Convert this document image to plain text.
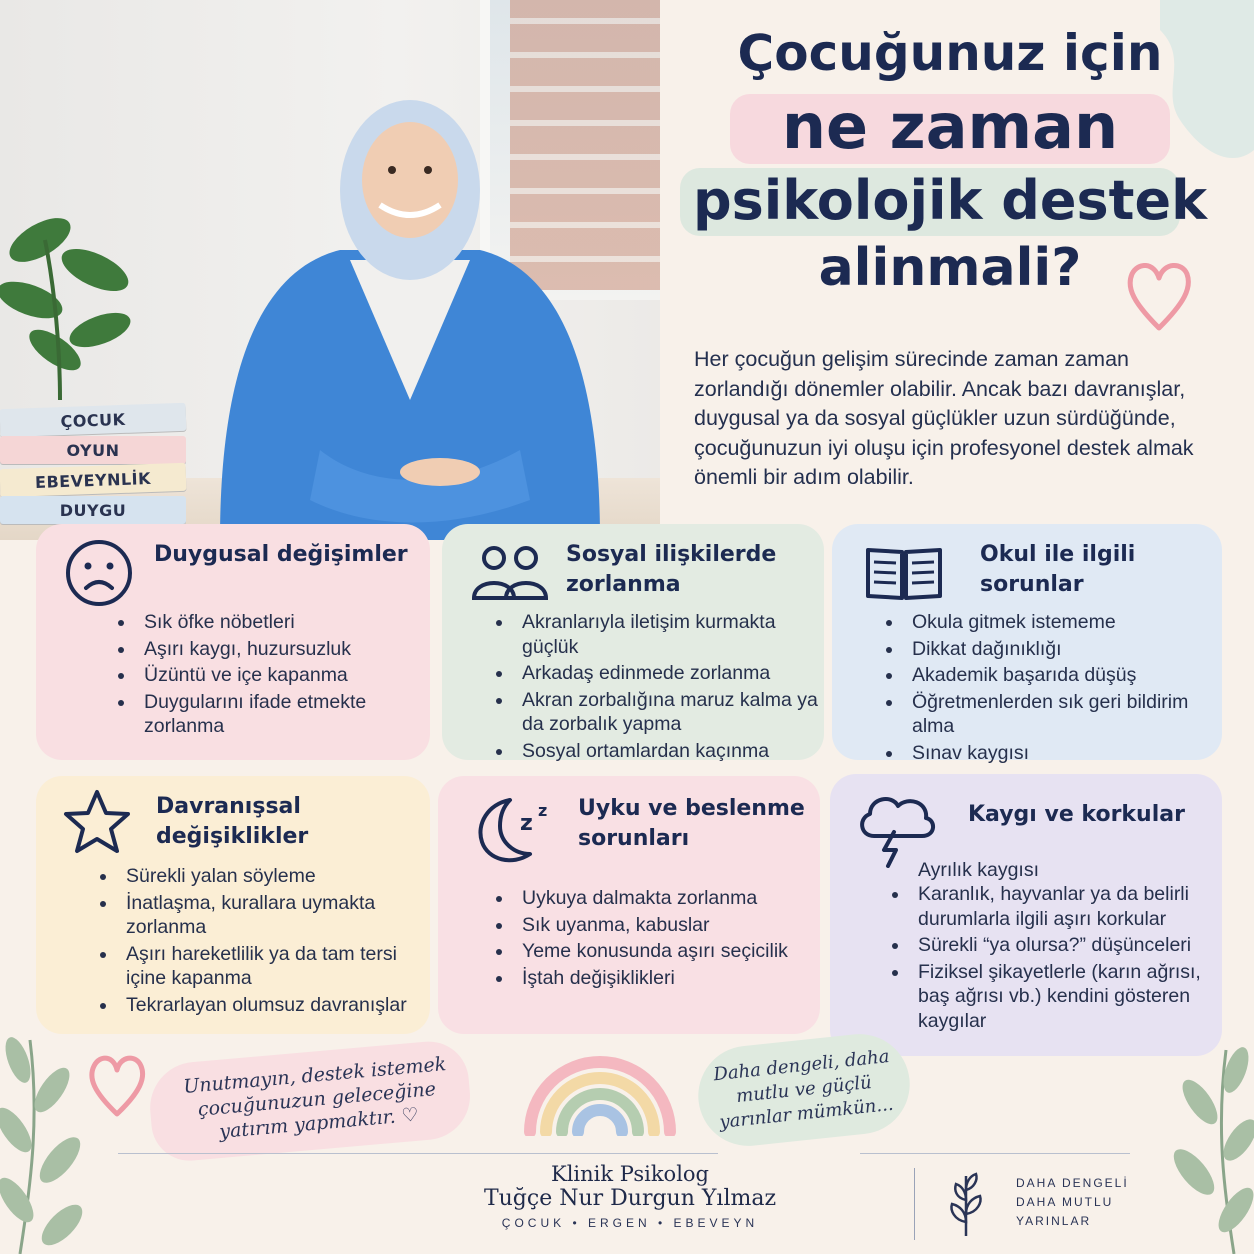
ÇOCUK
OYUN
EBEVEYNLİK
DUYGU
Çocuğunuz için
ne zaman
psikolojik destek
alinmali?
Her çocuğun gelişim sürecinde zaman zaman zorlandığı dönemler olabilir. Ancak bazı davranışlar, duygusal ya da sosyal güçlükler uzun sürdüğünde, çocuğunuzun iyi oluşu için profesyonel destek almak önemli bir adım olabilir.
Duygusal değişimler
• Sık öfke nöbetleri
• Aşırı kaygı, huzursuzluk
• Üzüntü ve içe kapanma
• Duygularını ifade etmekte zorlanma
Sosyal ilişkilerde zorlanma
• Akranlarıyla iletişim kurmakta güçlük
• Arkadaş edinmede zorlanma
• Akran zorbalığına maruz kalma ya da zorbalık yapma
• Sosyal ortamlardan kaçınma
Okul ile ilgili sorunlar
• Okula gitmek istememe
• Dikkat dağınıklığı
• Akademik başarıda düşüş
• Öğretmenlerden sık geri bildirim alma
• Sınav kaygısı
Davranışsal değişiklikler
• Sürekli yalan söyleme
• İnatlaşma, kurallara uymakta zorlanma
• Aşırı hareketlilik ya da tam tersi içine kapanma
• Tekrarlayan olumsuz davranışlar
z
z Uyku ve beslenme sorunları
• Uykuya dalmakta zorlanma
• Sık uyanma, kabuslar
• Yeme konusunda aşırı seçicilik
• İştah değişiklikleri
Kaygı ve korkular
Ayrılık kaygısı
• Karanlık, hayvanlar ya da belirli durumlarla ilgili aşırı korkular
• Sürekli “ya olursa?” düşünceleri
• Fiziksel şikayetlerle (karın ağrısı, baş ağrısı vb.) kendini gösteren kaygılar

Unutmayın, destek istemek çocuğunuzun geleceğine yatırım yapmaktır. ♡

Daha dengeli, daha mutlu ve güçlü yarınlar mümkün...

Klinik Psikolog
Tuğçe Nur Durgun Yılmaz
ÇOCUK • ERGEN • EBEVEYN
DAHA DENGELİ
DAHA MUTLU
YARINLAR
